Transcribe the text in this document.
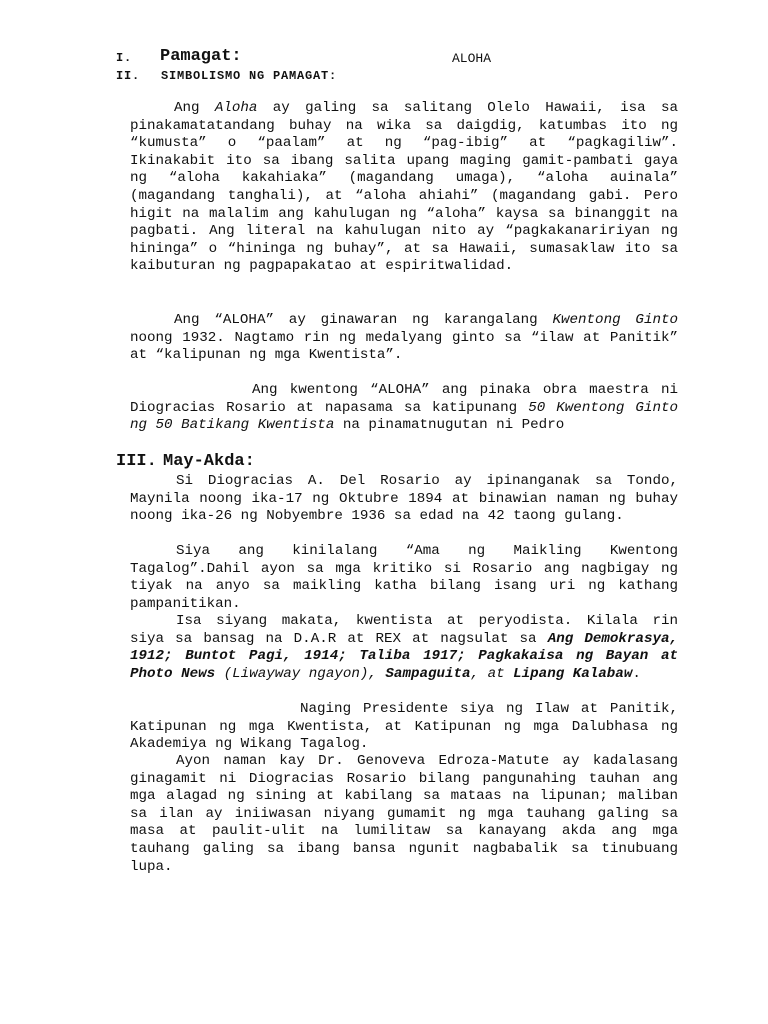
I. Pamagat:	ALOHA
II. SIMBOLISMO NG PAMAGAT:
Ang Aloha ay galing sa salitang Olelo Hawaii, isa sa pinakamatatandang buhay na wika sa daigdig, katumbas ito ng “kumusta” o “paalam” at ng “pag-ibig” at “pagkagiliw”. Ikinakabit ito sa ibang salita upang maging gamit-pambati gaya ng “aloha kakahiaka” (magandang umaga), “aloha auinala” (magandang tanghali), at “aloha ahiahi” (magandang gabi. Pero higit na malalim ang kahulugan ng “aloha” kaysa sa binanggit na pagbati. Ang literal na kahulugan nito ay “pagkakanaririyan ng hininga” o “hininga ng buhay”, at sa Hawaii, sumasaklaw ito sa kaibuturan ng pagpapakatao at espiritwalidad.
Ang “ALOHA” ay ginawaran ng karangalang Kwentong Ginto noong 1932. Nagtamo rin ng medalyang ginto sa “ilaw at Panitik” at “kalipunan ng mga Kwentista”.
Ang kwentong “ALOHA” ang pinaka obra maestra ni Diogracias Rosario at napasama sa katipunang 50 Kwentong Ginto ng 50 Batikang Kwentista na pinamatnugutan ni Pedro
III. May-Akda:
Si Diogracias A. Del Rosario ay ipinanganak sa Tondo, Maynila noong ika-17 ng Oktubre 1894 at binawian naman ng buhay noong ika-26 ng Nobyembre 1936 sa edad na 42 taong gulang.
Siya ang kinilalang “Ama ng Maikling Kwentong Tagalog”.Dahil ayon sa mga kritiko si Rosario ang nagbigay ng tiyak na anyo sa maikling katha bilang isang uri ng kathang pampanitikan.
Isa siyang makata, kwentista at peryodista. Kilala rin siya sa bansag na D.A.R at REX at nagsulat sa Ang Demokrasya, 1912; Buntot Pagi, 1914; Taliba 1917; Pagkakaisa ng Bayan at Photo News (Liwayway ngayon), Sampaguita, at Lipang Kalabaw.
Naging Presidente siya ng Ilaw at Panitik, Katipunan ng mga Kwentista, at Katipunan ng mga Dalubhasa ng Akademiya ng Wikang Tagalog.
Ayon naman kay Dr. Genoveva Edroza-Matute ay kadalasang ginagamit ni Diogracias Rosario bilang pangunahing tauhan ang mga alagad ng sining at kabilang sa mataas na lipunan; maliban sa ilan ay iniiwasan niyang gumamit ng mga tauhang galing sa masa at paulit-ulit na lumilitaw sa kanayang akda ang mga tauhang galing sa ibang bansa ngunit nagbabalik sa tinubuang lupa.
